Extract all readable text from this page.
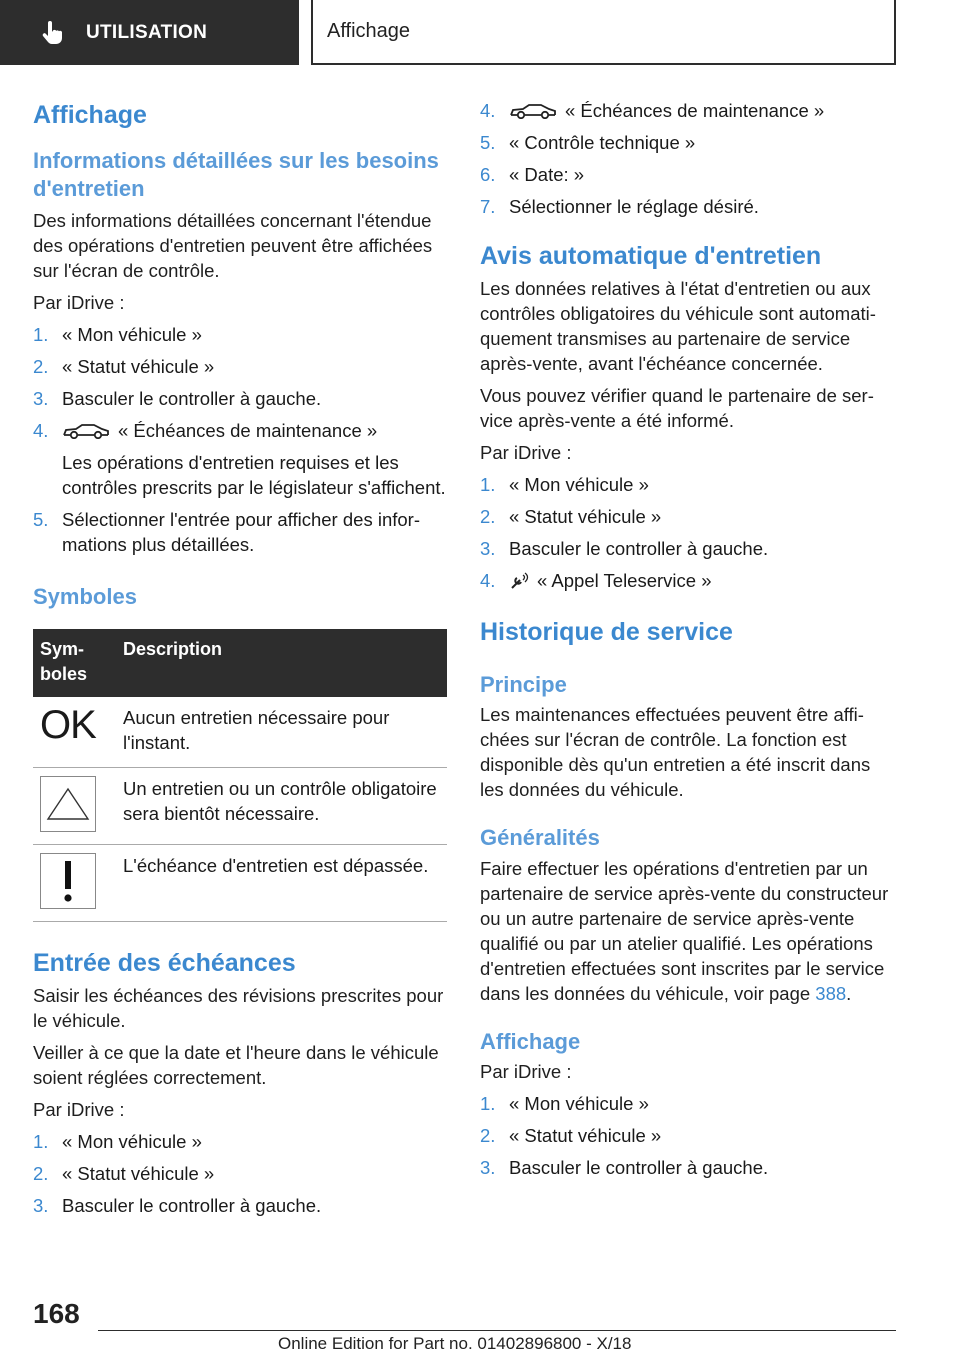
UTILISATION	Affichage
Affichage
Informations détaillées sur les besoins d'entretien

Des informations détaillées concernant l'étendue des opérations d'entretien peuvent être affichées sur l'écran de contrôle.

Par iDrive :

1. « Mon véhicule »
2. « Statut véhicule »
3. Basculer le controller à gauche.
4.	« Échéances de maintenance »
Les opérations d'entretien requises et les contrôles prescrits par le législateur s'affichent.
5. Sélectionner l'entrée pour afficher des informations plus détaillées.
Symboles
Symboles	Description
OK	Aucun entretien nécessaire pour l'instant.

	Un entretien ou un contrôle obligatoire sera bientôt nécessaire.

	L'échéance d'entretien est dépassée.
Entrée des échéances

Saisir les échéances des révisions prescrites pour le véhicule.

Veiller à ce que la date et l'heure dans le véhicule soient réglées correctement.

Par iDrive :

1. « Mon véhicule »
2. « Statut véhicule »
3. Basculer le controller à gauche.
4.	« Échéances de maintenance »
5. « Contrôle technique »
6. « Date: »
7. Sélectionner le réglage désiré.
Avis automatique d'entretien

Les données relatives à l'état d'entretien ou aux contrôles obligatoires du véhicule sont automatiquement transmises au partenaire de service après-vente, avant l'échéance concernée.

Vous pouvez vérifier quand le partenaire de service après-vente a été informé.

Par iDrive :

1. « Mon véhicule »
2. « Statut véhicule »
3. Basculer le controller à gauche.
4.	« Appel Teleservice »
Historique de service
Principe

Les maintenances effectuées peuvent être affichées sur l'écran de contrôle. La fonction est disponible dès qu'un entretien a été inscrit dans les données du véhicule.

Généralités

Faire effectuer les opérations d'entretien par un partenaire de service après-vente du constructeur ou un autre partenaire de service après-vente qualifié ou par un atelier qualifié. Les opérations d'entretien effectuées sont inscrites par le service dans les données du véhicule, voir page 388.

Affichage

Par iDrive :

1. « Mon véhicule »
2. « Statut véhicule »
3. Basculer le controller à gauche.
168
Online Edition for Part no. 01402896800 - X/18
